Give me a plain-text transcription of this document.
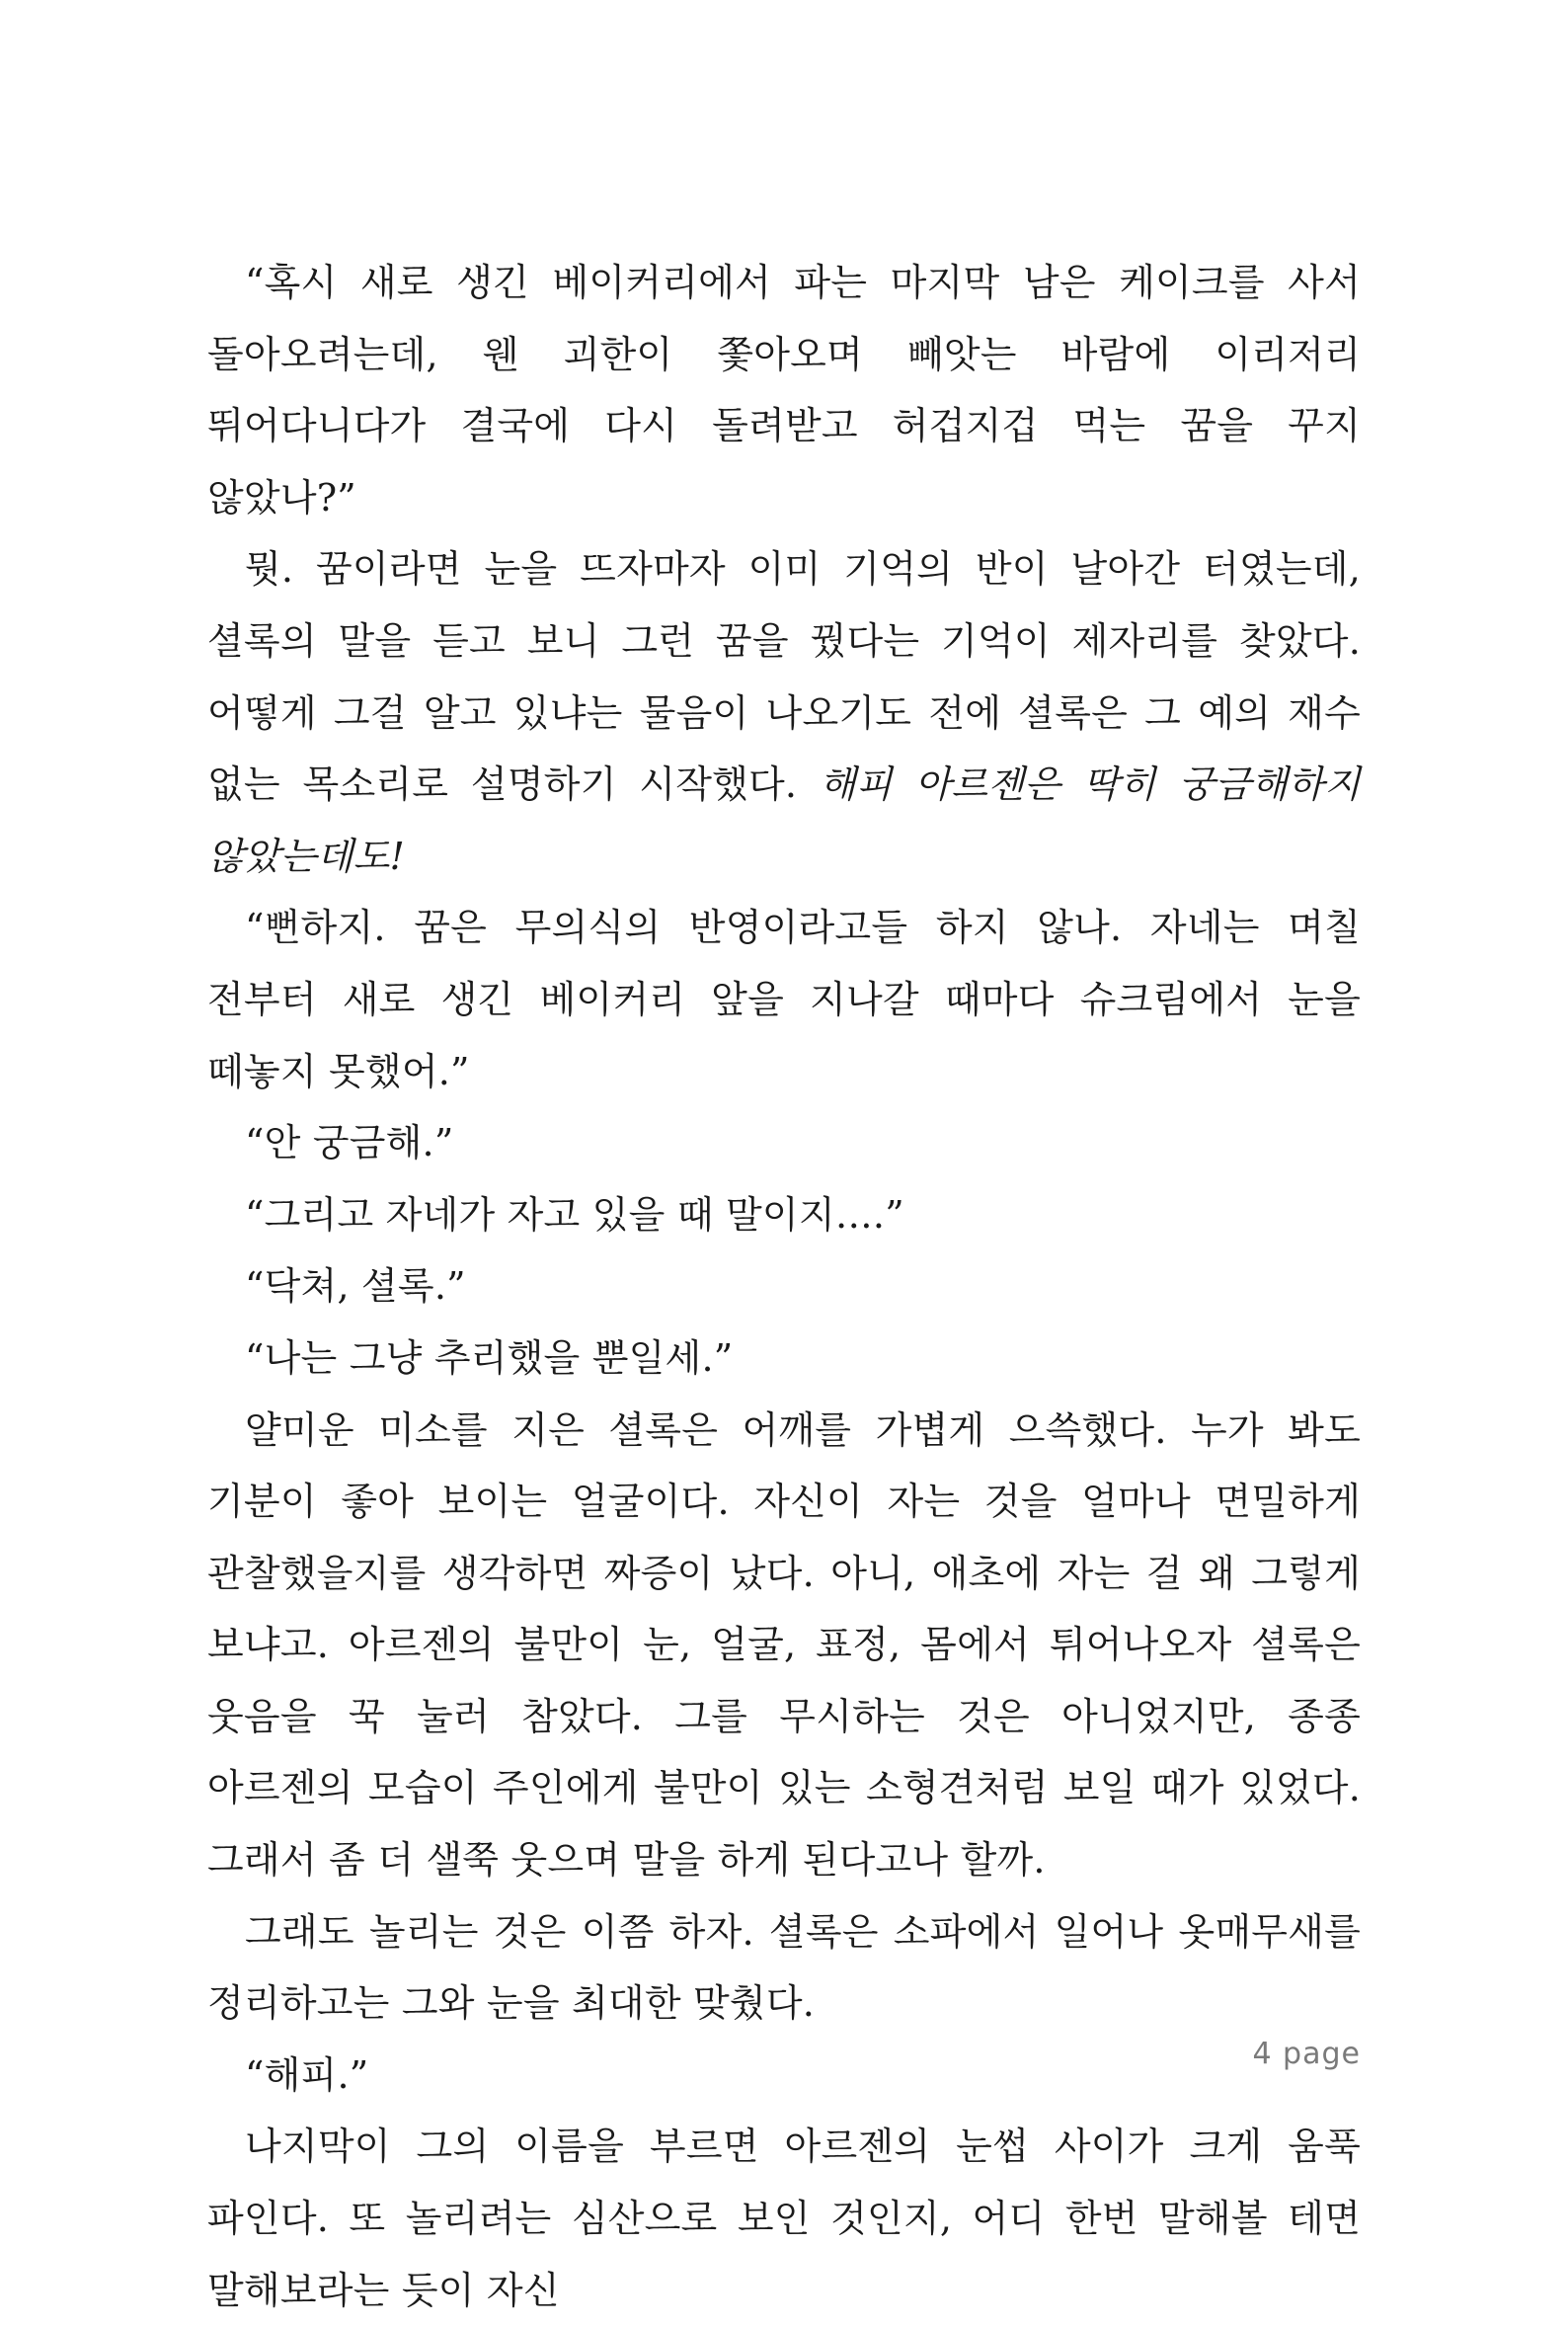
“혹시 새로 생긴 베이커리에서 파는 마지막 남은 케이크를 사서 돌아오려는데, 웬 괴한이 쫓아오며 빼앗는 바람에 이리저리 뛰어다니다가 결국에 다시 돌려받고 허겁지겁 먹는 꿈을 꾸지 않았나?”

뭣. 꿈이라면 눈을 뜨자마자 이미 기억의 반이 날아간 터였는데, 셜록의 말을 듣고 보니 그런 꿈을 꿨다는 기억이 제자리를 찾았다. 어떻게 그걸 알고 있냐는 물음이 나오기도 전에 셜록은 그 예의 재수 없는 목소리로 설명하기 시작했다. 해피 아르젠은 딱히 궁금해하지 않았는데도!

“뻔하지. 꿈은 무의식의 반영이라고들 하지 않나. 자네는 며칠 전부터 새로 생긴 베이커리 앞을 지나갈 때마다 슈크림에서 눈을 떼놓지 못했어.”

“안 궁금해.”

“그리고 자네가 자고 있을 때 말이지….”

“닥쳐, 셜록.”

“나는 그냥 추리했을 뿐일세.”

얄미운 미소를 지은 셜록은 어깨를 가볍게 으쓱했다. 누가 봐도 기분이 좋아 보이는 얼굴이다. 자신이 자는 것을 얼마나 면밀하게 관찰했을지를 생각하면 짜증이 났다. 아니, 애초에 자는 걸 왜 그렇게 보냐고. 아르젠의 불만이 눈, 얼굴, 표정, 몸에서 튀어나오자 셜록은 웃음을 꾹 눌러 참았다. 그를 무시하는 것은 아니었지만, 종종 아르젠의 모습이 주인에게 불만이 있는 소형견처럼 보일 때가 있었다. 그래서 좀 더 샐쭉 웃으며 말을 하게 된다고나 할까.

그래도 놀리는 것은 이쯤 하자. 셜록은 소파에서 일어나 옷매무새를 정리하고는 그와 눈을 최대한 맞췄다.

“해피.”

나지막이 그의 이름을 부르면 아르젠의 눈썹 사이가 크게 움푹 파인다. 또 놀리려는 심산으로 보인 것인지, 어디 한번 말해볼 테면 말해보라는 듯이 자신

4 page
